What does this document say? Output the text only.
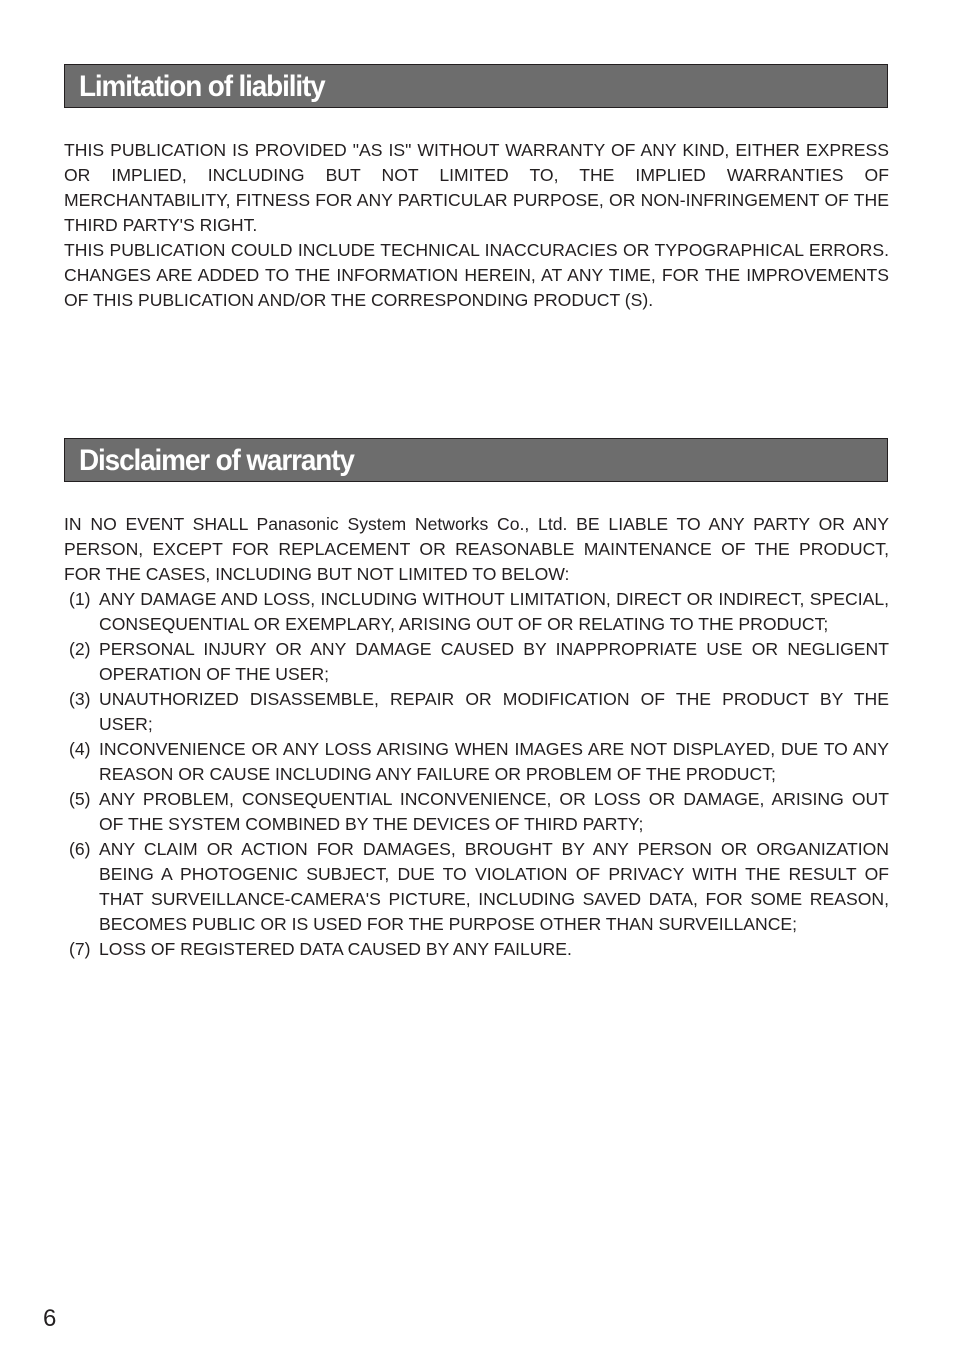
Limitation of liability

THIS PUBLICATION IS PROVIDED "AS IS" WITHOUT WARRANTY OF ANY KIND, EITHER EXPRESS OR IMPLIED, INCLUDING BUT NOT LIMITED TO, THE IMPLIED WARRANTIES OF MERCHANTABILITY, FITNESS FOR ANY PARTICULAR PURPOSE, OR NON-INFRINGEMENT OF THE THIRD PARTY'S RIGHT.

THIS PUBLICATION COULD INCLUDE TECHNICAL INACCURACIES OR TYPOGRAPHICAL ERRORS. CHANGES ARE ADDED TO THE INFORMATION HEREIN, AT ANY TIME, FOR THE IMPROVEMENTS OF THIS PUBLICATION AND/OR THE CORRESPONDING PRODUCT (S).

Disclaimer of warranty

IN NO EVENT SHALL Panasonic System Networks Co., Ltd. BE LIABLE TO ANY PARTY OR ANY PERSON, EXCEPT FOR REPLACEMENT OR REASONABLE MAINTENANCE OF THE PRODUCT, FOR THE CASES, INCLUDING BUT NOT LIMITED TO BELOW:

(1) ANY DAMAGE AND LOSS, INCLUDING WITHOUT LIMITATION, DIRECT OR INDIRECT, SPECIAL, CONSEQUENTIAL OR EXEMPLARY, ARISING OUT OF OR RELATING TO THE PRODUCT;
(2) PERSONAL INJURY OR ANY DAMAGE CAUSED BY INAPPROPRIATE USE OR NEGLIGENT OPERATION OF THE USER;
(3) UNAUTHORIZED DISASSEMBLE, REPAIR OR MODIFICATION OF THE PRODUCT BY THE USER;
(4) INCONVENIENCE OR ANY LOSS ARISING WHEN IMAGES ARE NOT DISPLAYED, DUE TO ANY REASON OR CAUSE INCLUDING ANY FAILURE OR PROBLEM OF THE PRODUCT;
(5) ANY PROBLEM, CONSEQUENTIAL INCONVENIENCE, OR LOSS OR DAMAGE, ARISING OUT OF THE SYSTEM COMBINED BY THE DEVICES OF THIRD PARTY;
(6) ANY CLAIM OR ACTION FOR DAMAGES, BROUGHT BY ANY PERSON OR ORGANIZATION BEING A PHOTOGENIC SUBJECT, DUE TO VIOLATION OF PRIVACY WITH THE RESULT OF THAT SURVEILLANCE-CAMERA'S PICTURE, INCLUDING SAVED DATA, FOR SOME REASON, BECOMES PUBLIC OR IS USED FOR THE PURPOSE OTHER THAN SURVEILLANCE;
(7) LOSS OF REGISTERED DATA CAUSED BY ANY FAILURE.
6
